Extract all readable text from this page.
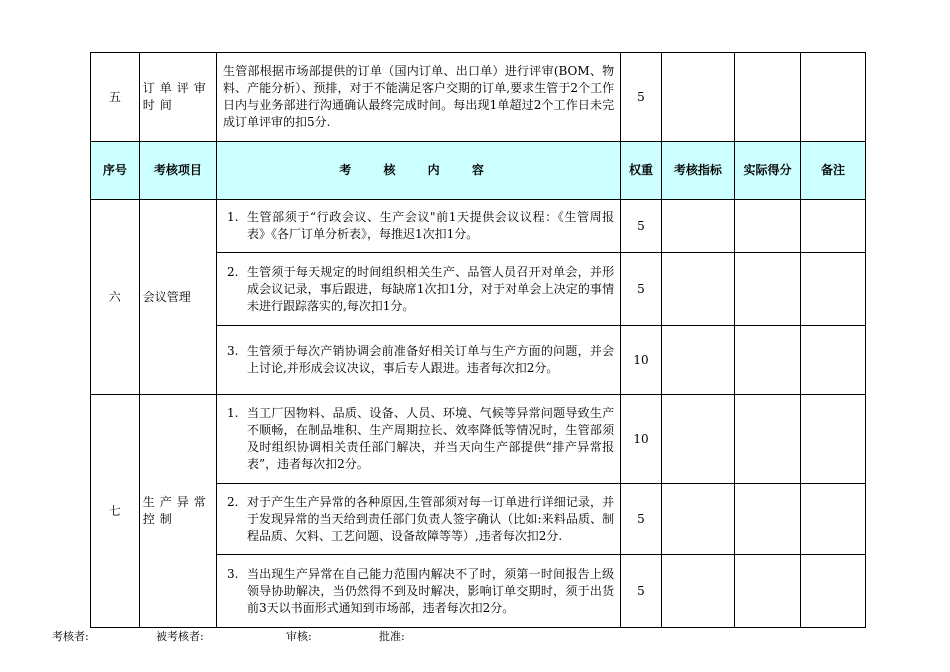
五	订单评审时间	生管部根据市场部提供的订单（国内订单、出口单）进行评审(BOM、物料、产能分析）、预排，对于不能满足客户交期的订单,要求生管于2个工作日内与业务部进行沟通确认最终完成时间。每出现1单超过2个工作日未完成订单评审的扣5分.	5			
序号	考核项目	考 核 内 容	权重	考核指标	实际得分	备注
六	会议管理	1. 生管部须于“行政会议、生产会议"前1天提供会议议程：《生管周报表》《各厂订单分析表》，每推迟1次扣1分。	5			

		2. 生管须于每天规定的时间组织相关生产、品管人员召开对单会，并形成会议记录，事后跟进，每缺席1次扣1分，对于对单会上决定的事情未进行跟踪落实的,每次扣1分。	5			

		3. 生管须于每次产销协调会前准备好相关订单与生产方面的问题，并会上讨论,并形成会议决议，事后专人跟进。违者每次扣2分。	10			
七	生产异常控制	1. 当工厂因物料、品质、设备、人员、环境、气候等异常问题导致生产不顺畅，在制品堆积、生产周期拉长、效率降低等情况时，生管部须及时组织协调相关责任部门解决，并当天向生产部提供“排产异常报表”，违者每次扣2分。	10			

		2. 对于产生生产异常的各种原因,生管部须对每一订单进行详细记录，并于发现异常的当天给到责任部门负责人签字确认（比如:来料品质、制程品质、欠料、工艺问题、设备故障等等）,违者每次扣2分.	5			

		3. 当出现生产异常在自己能力范围内解决不了时，须第一时间报告上级领导协助解决，当仍然得不到及时解决，影响订单交期时，须于出货前3天以书面形式通知到市场部，违者每次扣2分。	5			
考核者:	被考核者:	审核:	批准:
